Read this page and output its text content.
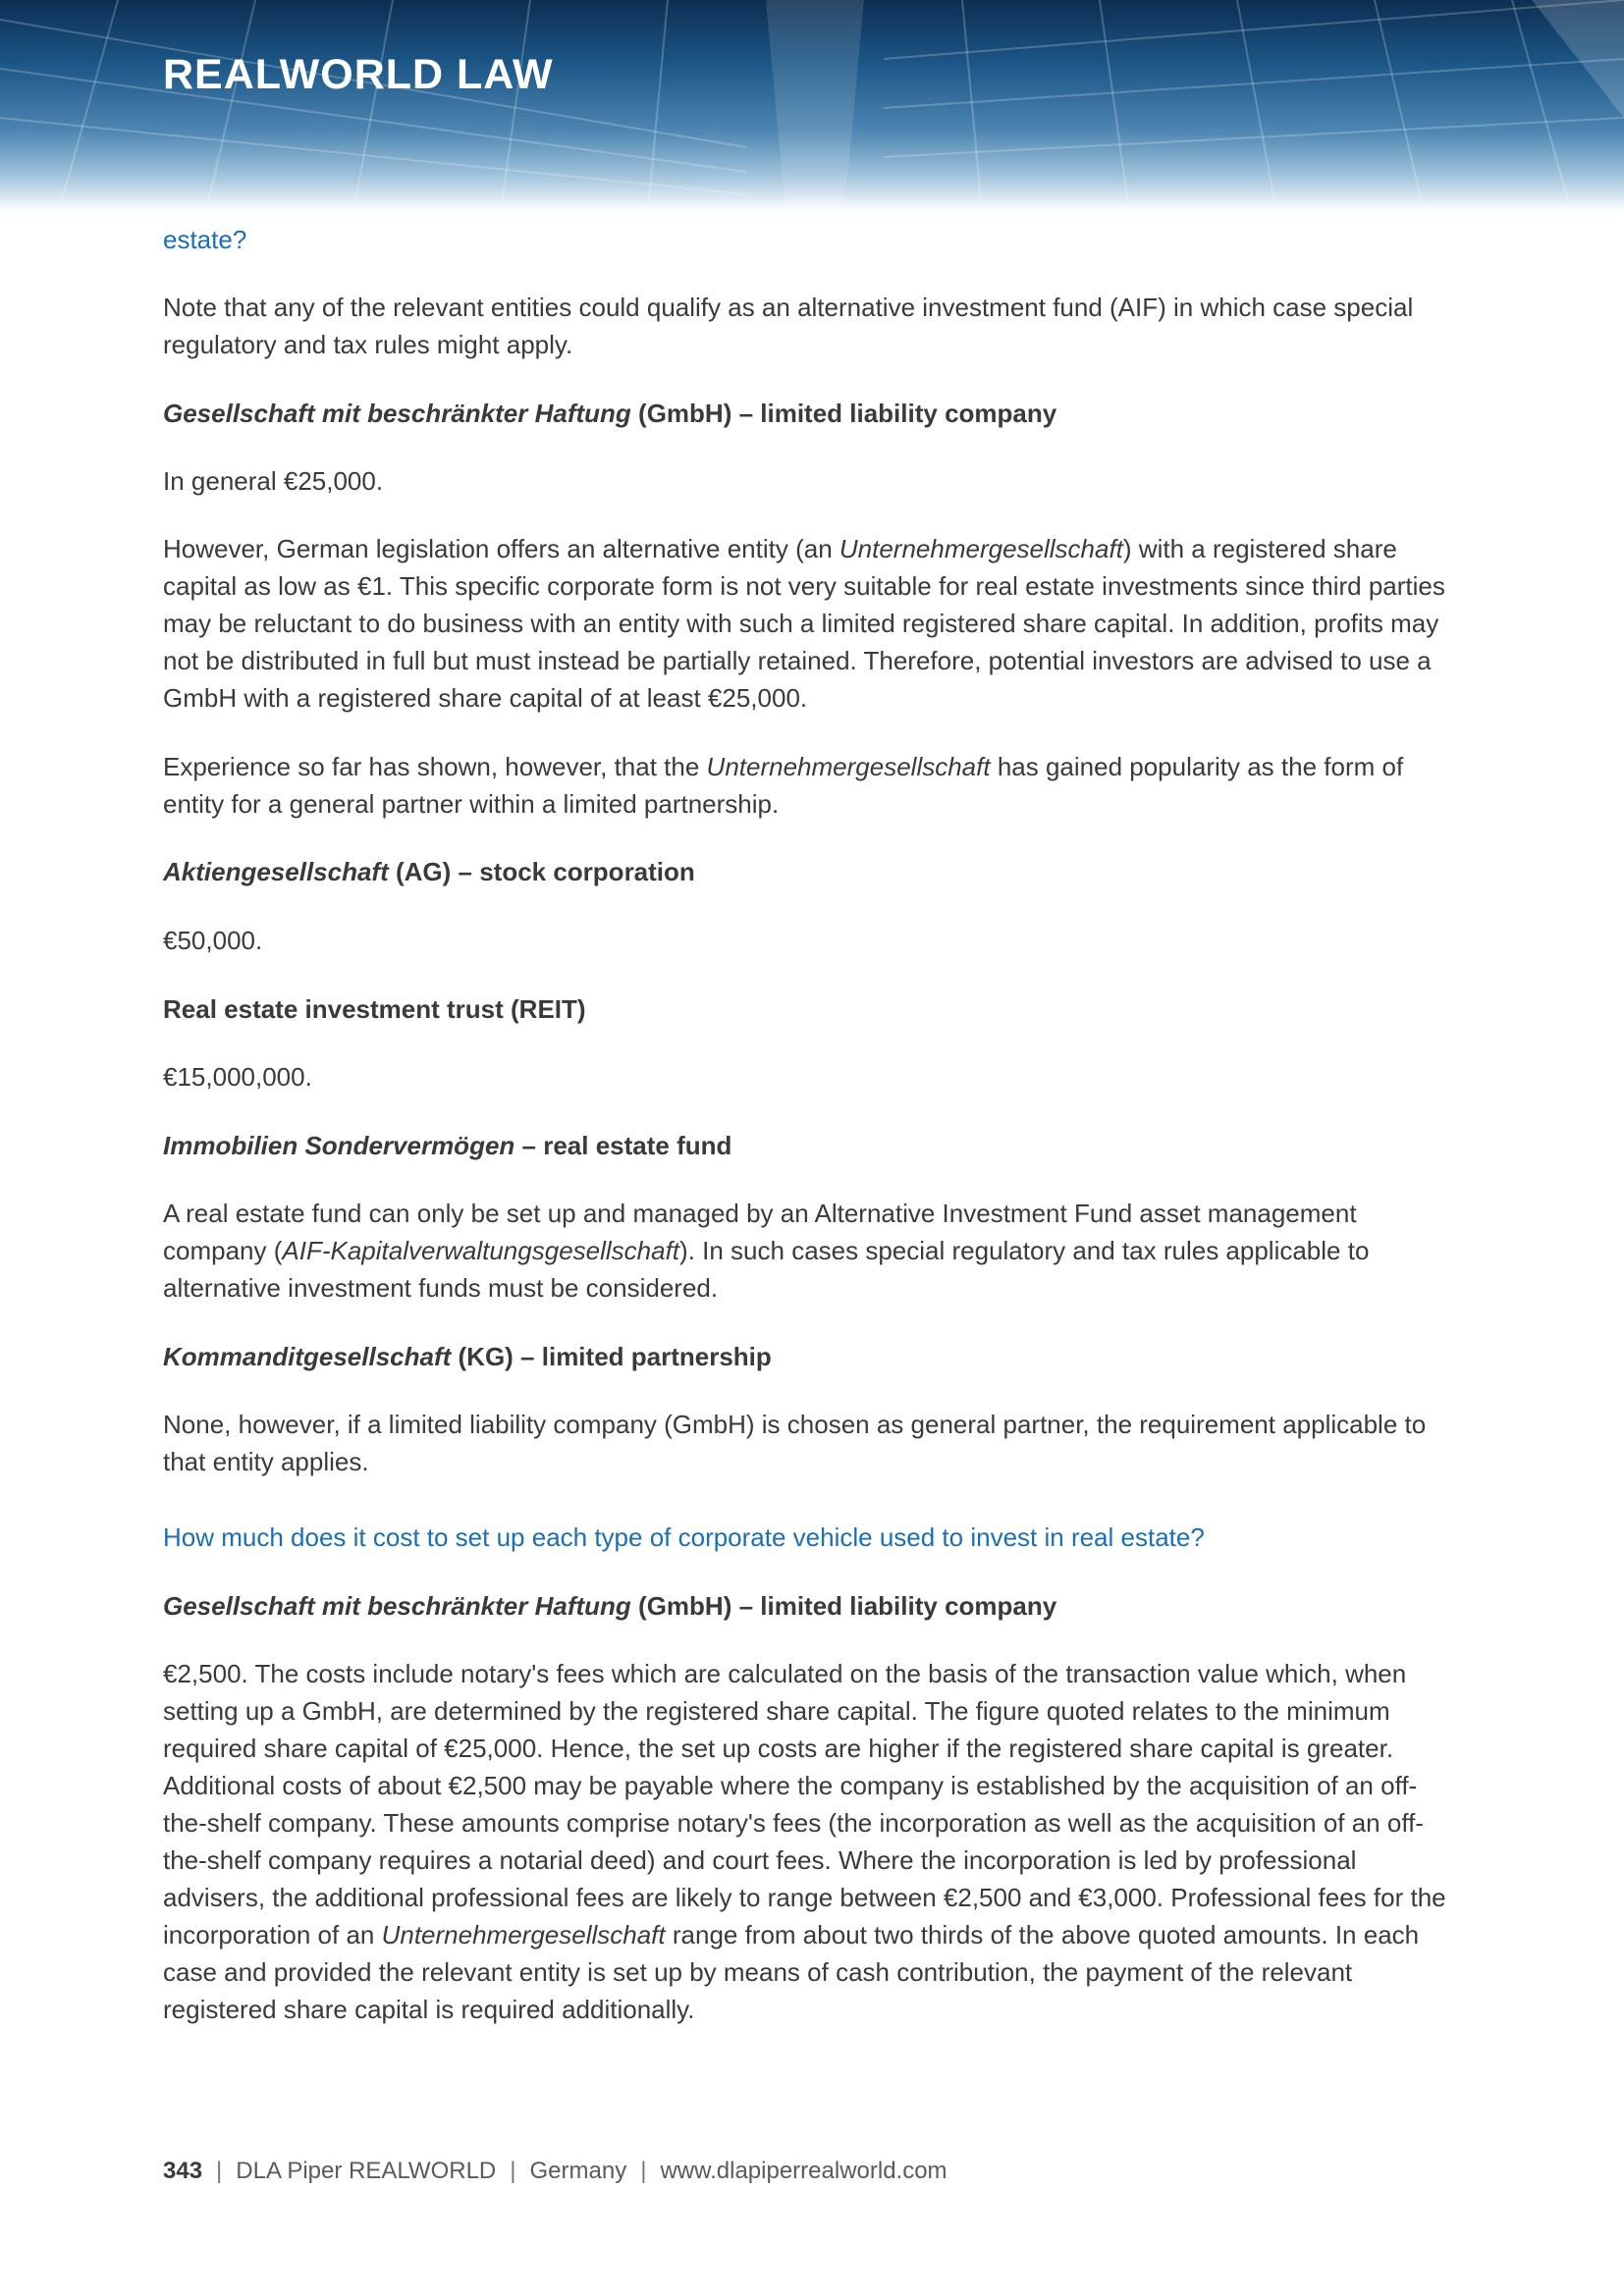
REALWORLD LAW

estate?

Note that any of the relevant entities could qualify as an alternative investment fund (AIF) in which case special regulatory and tax rules might apply.

Gesellschaft mit beschränkter Haftung (GmbH) – limited liability company

In general €25,000.

However, German legislation offers an alternative entity (an Unternehmergesellschaft) with a registered share capital as low as €1. This specific corporate form is not very suitable for real estate investments since third parties may be reluctant to do business with an entity with such a limited registered share capital. In addition, profits may not be distributed in full but must instead be partially retained. Therefore, potential investors are advised to use a GmbH with a registered share capital of at least €25,000.

Experience so far has shown, however, that the Unternehmergesellschaft has gained popularity as the form of entity for a general partner within a limited partnership.

Aktiengesellschaft (AG) – stock corporation

€50,000.

Real estate investment trust (REIT)

€15,000,000.

Immobilien Sondervermögen – real estate fund

A real estate fund can only be set up and managed by an Alternative Investment Fund asset management company (AIF-Kapitalverwaltungsgesellschaft). In such cases special regulatory and tax rules applicable to alternative investment funds must be considered.

Kommanditgesellschaft (KG) – limited partnership

None, however, if a limited liability company (GmbH) is chosen as general partner, the requirement applicable to that entity applies.

How much does it cost to set up each type of corporate vehicle used to invest in real estate?

Gesellschaft mit beschränkter Haftung (GmbH) – limited liability company

€2,500. The costs include notary's fees which are calculated on the basis of the transaction value which, when setting up a GmbH, are determined by the registered share capital. The figure quoted relates to the minimum required share capital of €25,000. Hence, the set up costs are higher if the registered share capital is greater. Additional costs of about €2,500 may be payable where the company is established by the acquisition of an off-the-shelf company. These amounts comprise notary's fees (the incorporation as well as the acquisition of an off-the-shelf company requires a notarial deed) and court fees. Where the incorporation is led by professional advisers, the additional professional fees are likely to range between €2,500 and €3,000. Professional fees for the incorporation of an Unternehmergesellschaft range from about two thirds of the above quoted amounts. In each case and provided the relevant entity is set up by means of cash contribution, the payment of the relevant registered share capital is required additionally.

343 | DLA Piper REALWORLD | Germany | www.dlapiperrealworld.com
